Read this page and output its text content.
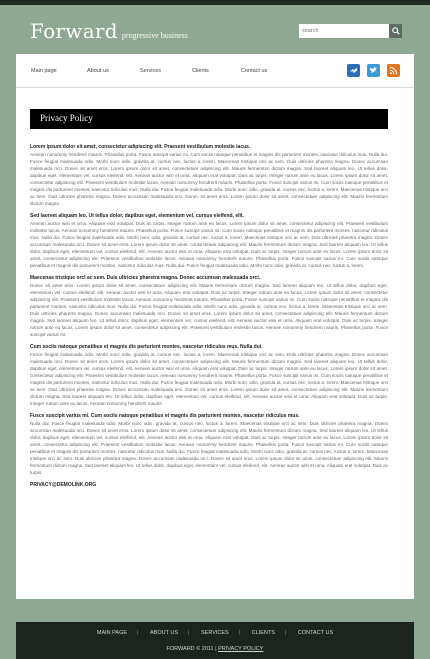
Forward progressive business
search
Main page	About us	Services	Clients	Contact us
Privacy Policy
Lorem ipsum dolor sit amet, consectetur adipiscing elit. Praesent vestibulum molestie lacus.
Aenean nonummy hendrerit mauris. Phasellus porta. Fusce suscipit varius mi. Cum sociis natoque penatibus et magnis dis parturient montes, nascetur ridiculus mus. Nulla dui. Fusce feugiat malesuada odio. Morbi nunc odio, gravida at, cursus nec, luctus a, lorem. Maecenas tristique orci ac sem. Duis ultricies pharetra magna. Donec accumsan malesuada orci. Donec sit amet eros. Lorem ipsum dolor sit amet, consectetuer adipiscing elit. Mauris fermentum dictum magna. Sed laoreet aliquam leo. Ut tellus dolor, dapibus eget, elementum vel, cursus eleifend, elit. Aenean auctor wisi et urna. Aliquam erat volutpat. Duis ac turpis. Integer rutrum ante eu lacus. Lorem ipsum dolor sit amet, consectetur adipiscing elit. Praesent vestibulum molestie lacus. Aenean nonummy hendrerit mauris. Phasellus porta. Fusce suscipit varius mi. Cum sociis natoque penatibus et magnis dis parturient montes, nascetur ridiculus mus. Nulla dui. Fusce feugiat malesuada odio. Morbi nunc odio, gravida at, cursus nec, luctus a, lorem. Maecenas tristique orci ac sem. Duis ultricies pharetra magna. Donec accumsan malesuada orci. Donec sit amet eros. Lorem ipsum dolor sit amet, consectetuer adipiscing elit. Mauris fermentum dictum magna.
Sed laoreet aliquam leo. Ut tellus dolor, dapibus eget, elementum vel, cursus eleifend, elit.
Aenean auctor wisi et urna. Aliquam erat volutpat. Duis ac turpis. Integer rutrum ante eu lacus. Lorem ipsum dolor sit amet, consectetur adipiscing elit. Praesent vestibulum molestie lacus. Aenean nonummy hendrerit mauris. Phasellus porta. Fusce suscipit varius mi. Cum sociis natoque penatibus et magnis dis parturient montes, nascetur ridiculus mus. Nulla dui. Fusce feugiat malesuada odio. Morbi nunc odio, gravida at, cursus nec, luctus a, lorem. Maecenas tristique orci ac sem. Duis ultricies pharetra magna. Donec accumsan malesuada orci. Donec sit amet eros. Lorem ipsum dolor sit amet, consectetuer adipiscing elit. Mauris fermentum dictum magna. Sed laoreet aliquam leo. Ut tellus dolor, dapibus eget, elementum vel, cursus eleifend, elit. Aenean auctor wisi et urna. Aliquam erat volutpat. Duis ac turpis. Integer rutrum ante eu lacus. Lorem ipsum dolor sit amet, consectetur adipiscing elit. Praesent vestibulum molestie lacus. Aenean nonummy hendrerit mauris. Phasellus porta. Fusce suscipit varius mi. Cum sociis natoque penatibus et magnis dis parturient montes, nascetur ridiculus mus. Nulla dui. Fusce feugiat malesuada odio. Morbi nunc odio, gravida at, cursus nec, luctus a, lorem.
Maecenas tristique orci ac sem. Duis ultricies pharetra magna. Donec accumsan malesuada orci.
Donec sit amet eros. Lorem ipsum dolor sit amet, consectetuer adipiscing elit. Mauris fermentum dictum magna. Sed laoreet aliquam leo. Ut tellus dolor, dapibus eget, elementum vel, cursus eleifend, elit. Aenean auctor wisi et urna. Aliquam erat volutpat. Duis ac turpis. Integer rutrum ante eu lacus. Lorem ipsum dolor sit amet, consectetur adipiscing elit. Praesent vestibulum molestie lacus. Aenean nonummy hendrerit mauris. Phasellus porta. Fusce suscipit varius mi. Cum sociis natoque penatibus et magnis dis parturient montes, nascetur ridiculus mus. Nulla dui. Fusce feugiat malesuada odio. Morbi nunc odio, gravida at, cursus nec, luctus a, lorem. Maecenas tristique orci ac sem. Duis ultricies pharetra magna. Donec accumsan malesuada orci. Donec sit amet eros. Lorem ipsum dolor sit amet, consectetuer adipiscing elit. Mauris fermentum dictum magna. Sed laoreet aliquam leo. Ut tellus dolor, dapibus eget, elementum vel, cursus eleifend, elit. Aenean auctor wisi et urna. Aliquam erat volutpat. Duis ac turpis. Integer rutrum ante eu lacus. Lorem ipsum dolor sit amet, consectetur adipiscing elit. Praesent vestibulum molestie lacus. Aenean nonummy hendrerit mauris. Phasellus porta. Fusce suscipit varius mi.
Cum sociis natoque penatibus et magnis dis parturient montes, nascetur ridiculus mus. Nulla dui.
Fusce feugiat malesuada odio. Morbi nunc odio, gravida at, cursus nec, luctus a, lorem. Maecenas tristique orci ac sem. Duis ultricies pharetra magna. Donec accumsan malesuada orci. Donec sit amet eros. Lorem ipsum dolor sit amet, consectetuer adipiscing elit. Mauris fermentum dictum magna. Sed laoreet aliquam leo. Ut tellus dolor, dapibus eget, elementum vel, cursus eleifend, elit. Aenean auctor wisi et urna. Aliquam erat volutpat. Duis ac turpis. Integer rutrum ante eu lacus. Lorem ipsum dolor sit amet, consectetur adipiscing elit. Praesent vestibulum molestie lacus. Aenean nonummy hendrerit mauris. Phasellus porta. Fusce suscipit varius mi. Cum sociis natoque penatibus et magnis dis parturient montes, nascetur ridiculus mus. Nulla dui. Fusce feugiat malesuada odio. Morbi nunc odio, gravida at, cursus nec, luctus a, lorem. Maecenas tristique orci ac sem. Duis ultricies pharetra magna. Donec accumsan malesuada orci. Donec sit amet eros. Lorem ipsum dolor sit amet, consectetuer adipiscing elit. Mauris fermentum dictum magna. Sed laoreet aliquam leo. Ut tellus dolor, dapibus eget, elementum vel, cursus eleifend, elit. Aenean auctor wisi et urna. Aliquam erat volutpat. Duis ac turpis. Integer rutrum ante eu lacus. Aenean nonummy hendrerit mauris.
Fusce suscipit varius mi. Cum sociis natoque penatibus et magnis dis parturient montes, nascetur ridiculus mus.
Nulla dui. Fusce feugiat malesuada odio. Morbi nunc odio, gravida at, cursus nec, luctus a, lorem. Maecenas tristique orci ac sem. Duis ultricies pharetra magna. Donec accumsan malesuada orci. Donec sit amet eros. Lorem ipsum dolor sit amet, consectetuer adipiscing elit. Mauris fermentum dictum magna. Sed laoreet aliquam leo. Ut tellus dolor, dapibus eget, elementum vel, cursus eleifend, elit. Aenean auctor wisi et urna. Aliquam erat volutpat. Duis ac turpis. Integer rutrum ante eu lacus. Lorem ipsum dolor sit amet, consectetur adipiscing elit. Praesent vestibulum molestie lacus. Aenean nonummy hendrerit mauris. Phasellus porta. Fusce suscipit varius mi. Cum sociis natoque penatibus et magnis dis parturient montes, nascetur ridiculus mus. Nulla dui. Fusce feugiat malesuada odio. Morbi nunc odio, gravida at, cursus nec, luctus a, lorem. Maecenas tristique orci ac sem. Duis ultricies pharetra magna. Donec accumsan malesuada orci. Donec sit amet eros. Lorem ipsum dolor sit amet, consectetuer adipiscing elit. Mauris fermentum dictum magna. Sed laoreet aliquam leo. Ut tellus dolor, dapibus eget, elementum vel, cursus eleifend, elit. Aenean auctor wisi et urna. Aliquam erat volutpat. Duis ac turpis.
PRIVACY@DEMOLINK.ORG
MAIN PAGE | ABOUT US | SERVICES | CLIENTS | CONTACT US
FORWARD © 2011 | PRIVACY POLICY
